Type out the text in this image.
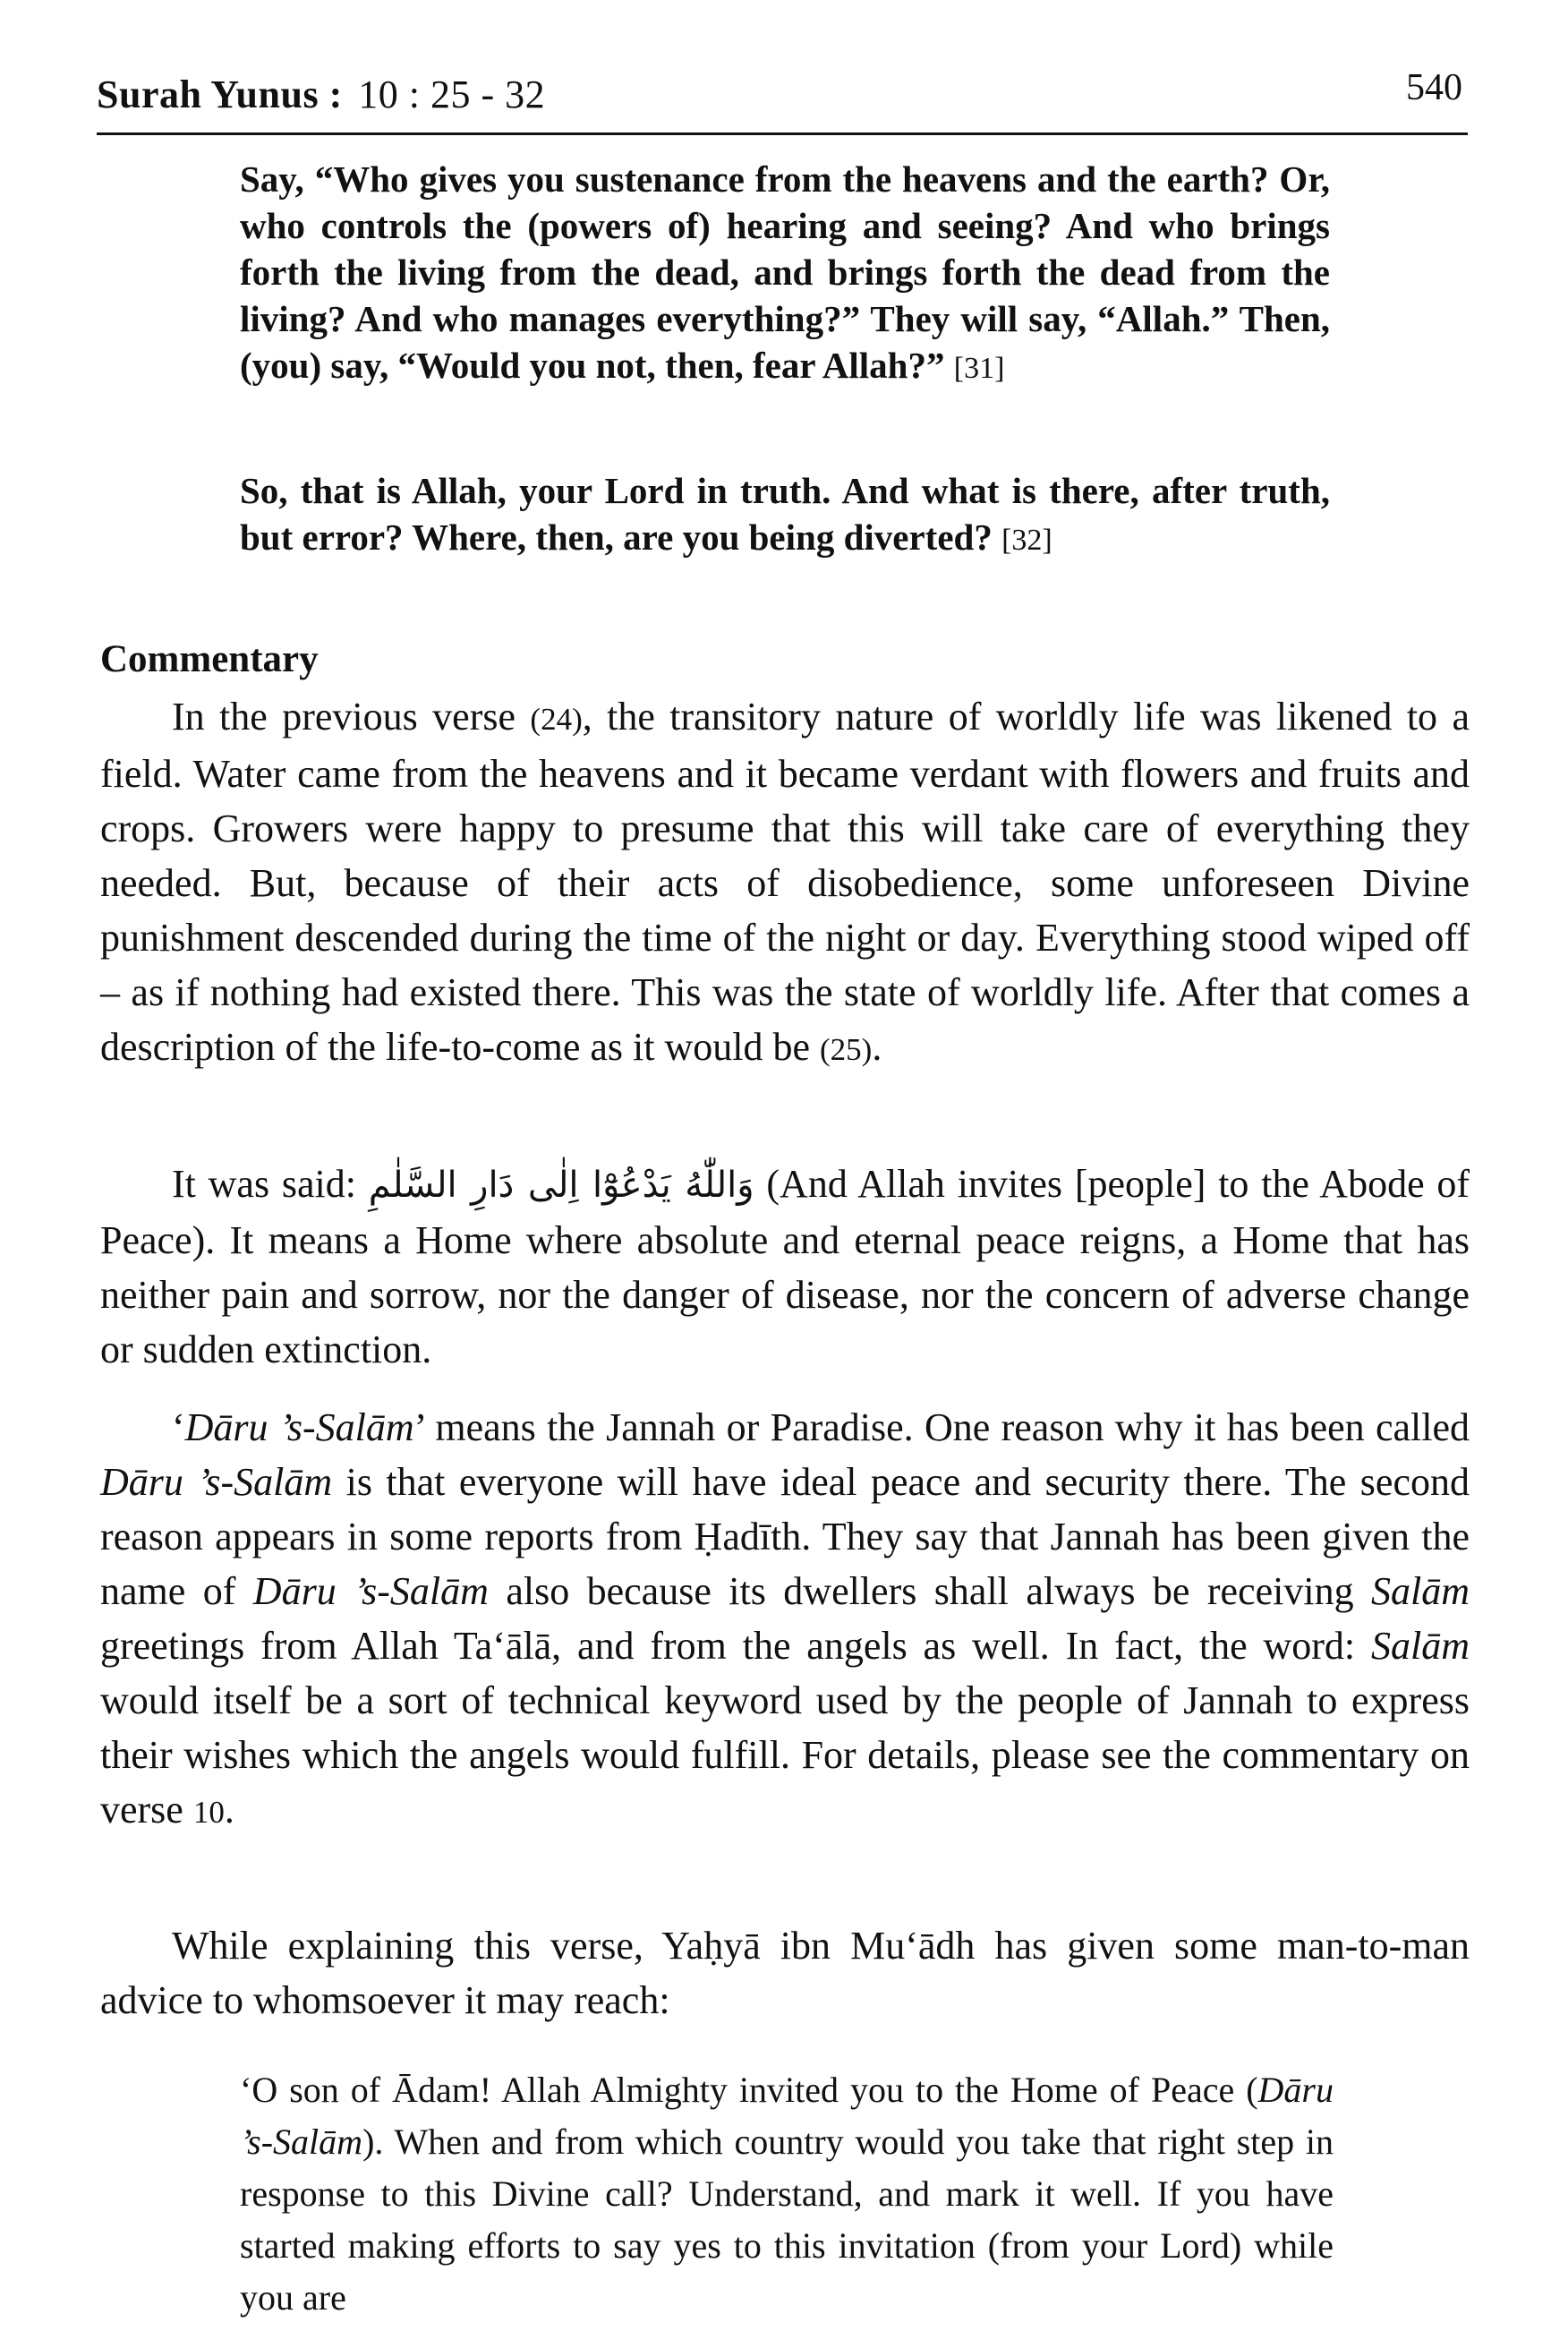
Surah Yunus : 10 : 25 - 32	540
Say, “Who gives you sustenance from the heavens and the earth? Or, who controls the (powers of) hearing and seeing? And who brings forth the living from the dead, and brings forth the dead from the living? And who manages everything?” They will say, “Allah.” Then, (you) say, “Would you not, then, fear Allah?” [31]
So, that is Allah, your Lord in truth. And what is there, after truth, but error? Where, then, are you being diverted? [32]
Commentary
In the previous verse (24), the transitory nature of worldly life was likened to a field. Water came from the heavens and it became verdant with flowers and fruits and crops. Growers were happy to presume that this will take care of everything they needed. But, because of their acts of disobedience, some unforeseen Divine punishment descended during the time of the night or day. Everything stood wiped off – as if nothing had existed there. This was the state of worldly life. After that comes a description of the life-to-come as it would be (25).
It was said: وَاللّٰهُ يَدْعُوْٓا اِلٰى دَارِ السَّلٰمِ (And Allah invites [people] to the Abode of Peace). It means a Home where absolute and eternal peace reigns, a Home that has neither pain and sorrow, nor the danger of disease, nor the concern of adverse change or sudden extinction.
‘Dāru ’s-Salām’ means the Jannah or Paradise. One reason why it has been called Dāru ’s-Salām is that everyone will have ideal peace and security there. The second reason appears in some reports from Ḥadīth. They say that Jannah has been given the name of Dāru ’s-Salām also because its dwellers shall always be receiving Salām greetings from Allah Ta‘ālā, and from the angels as well. In fact, the word: Salām would itself be a sort of technical keyword used by the people of Jannah to express their wishes which the angels would fulfill. For details, please see the commentary on verse 10.
While explaining this verse, Yaḥyā ibn Mu‘ādh has given some man-to-man advice to whomsoever it may reach:
‘O son of Ādam! Allah Almighty invited you to the Home of Peace (Dāru ’s-Salām). When and from which country would you take that right step in response to this Divine call? Understand, and mark it well. If you have started making efforts to say yes to this invitation (from your Lord) while you are
